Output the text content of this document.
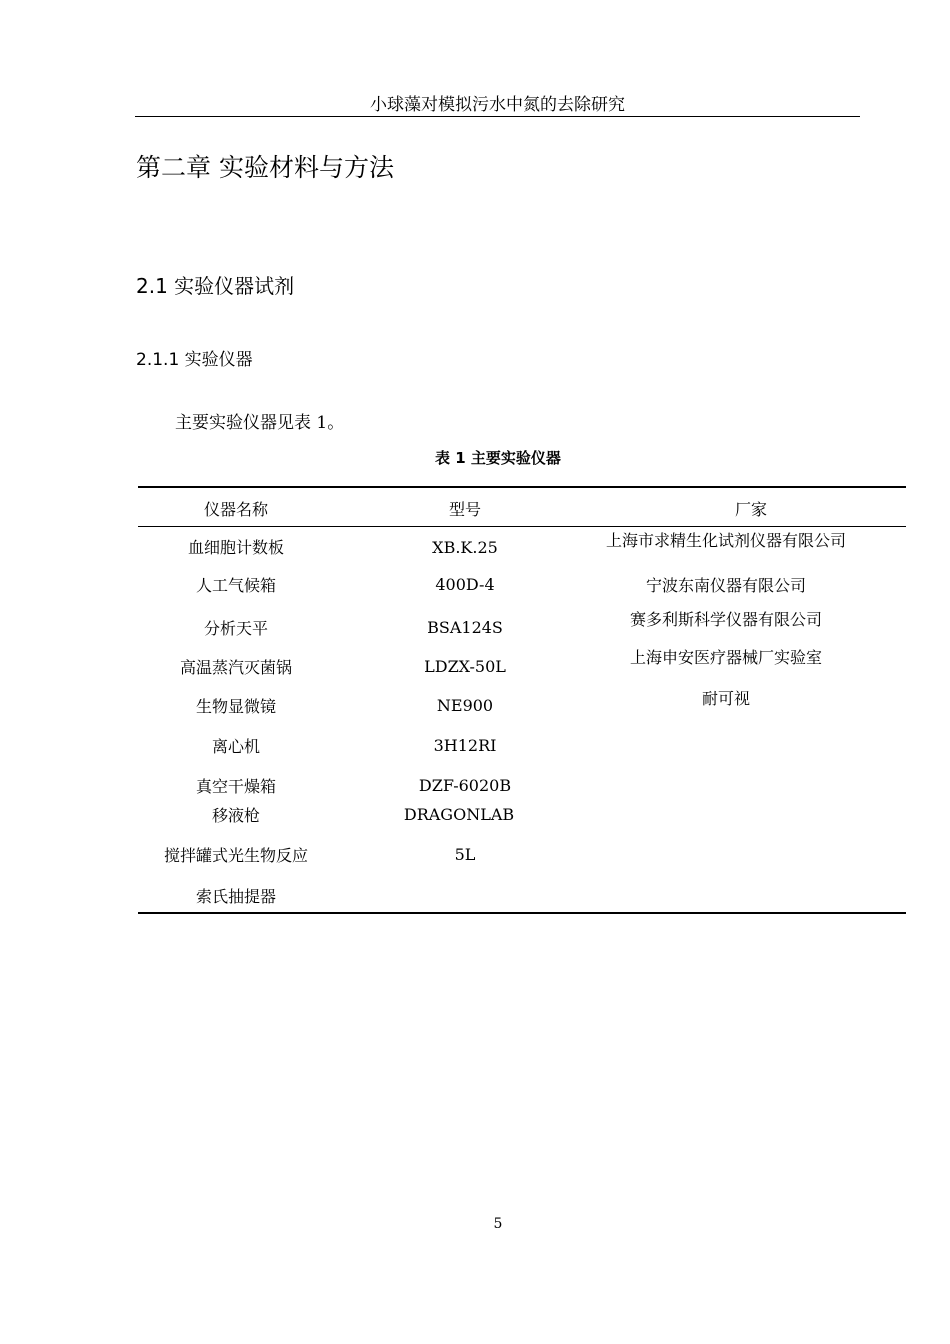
小球藻对模拟污水中氮的去除研究
第二章 实验材料与方法
2.1 实验仪器试剂
2.1.1 实验仪器
主要实验仪器见表 1。
表 1 主要实验仪器
仪器名称	型号	厂家
血细胞计数板
人工气候箱
分析天平
高温蒸汽灭菌锅
生物显微镜
离心机
真空干燥箱
移液枪
搅拌罐式光生物反应
索氏抽提器
XB.K.25
400D-4
BSA124S
LDZX-50L
NE900
3H12RI
DZF-6020B
DRAGONLAB
5L
上海市求精生化试剂仪器有限公司
宁波东南仪器有限公司
赛多利斯科学仪器有限公司
上海申安医疗器械厂实验室
耐可视
5
